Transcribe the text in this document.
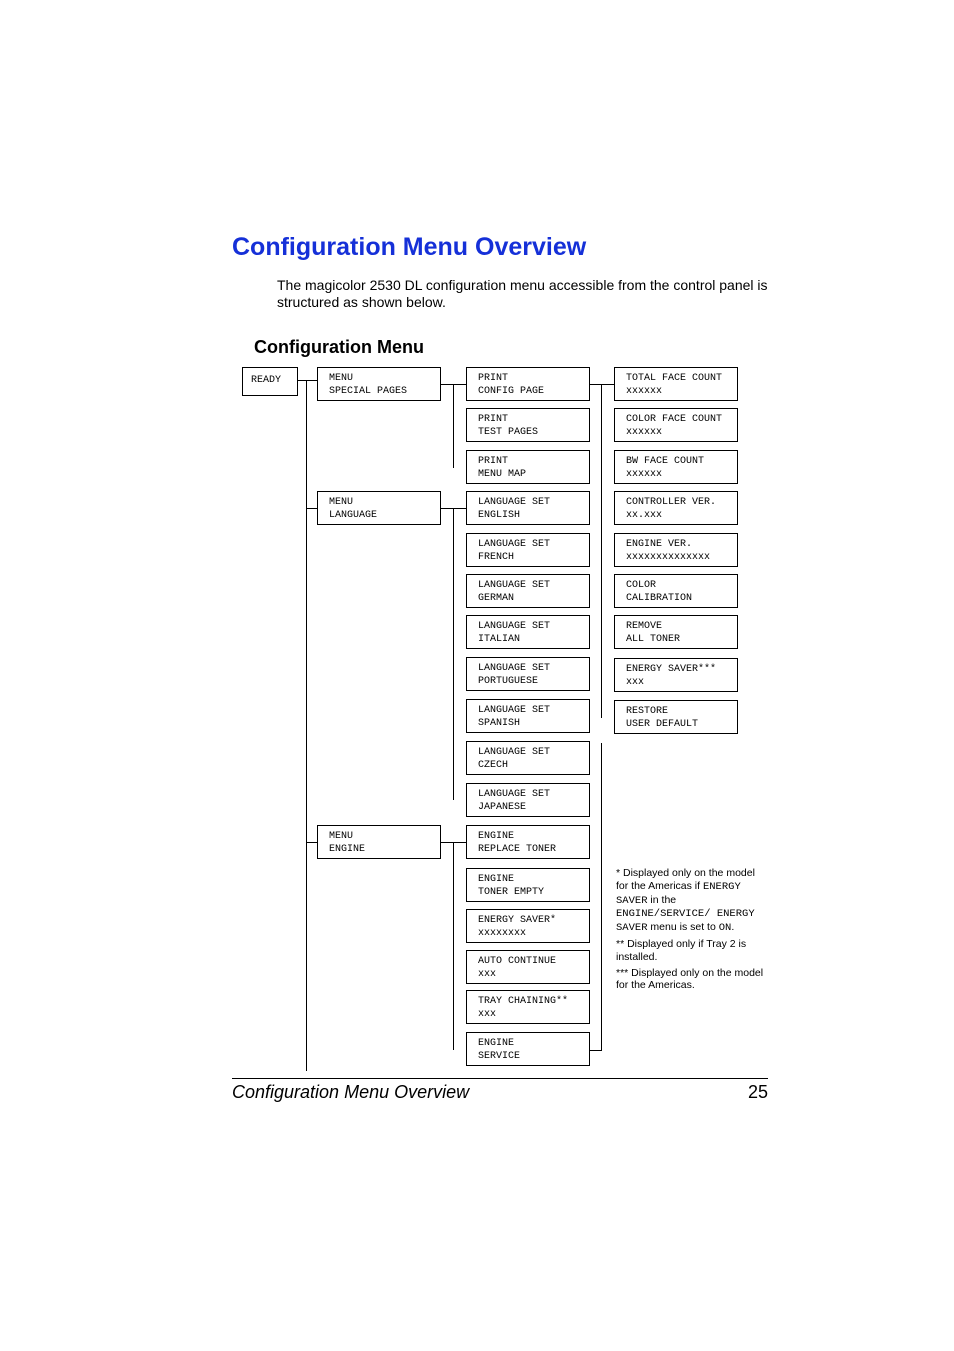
Configuration Menu Overview
The magicolor 2530 DL configuration menu accessible from the control panel is structured as shown below.
Configuration Menu
READY	MENU
SPECIAL PAGES
MENU
LANGUAGE
MENU
ENGINE
PRINT
CONFIG PAGE
PRINT
TEST PAGES
PRINT
MENU MAP
LANGUAGE SET
ENGLISH
LANGUAGE SET
FRENCH
LANGUAGE SET
GERMAN
LANGUAGE SET
ITALIAN
LANGUAGE SET
PORTUGUESE
LANGUAGE SET
SPANISH
LANGUAGE SET
CZECH
LANGUAGE SET
JAPANESE
ENGINE
REPLACE TONER
ENGINE
TONER EMPTY
ENERGY SAVER*
xxxxxxxx
AUTO CONTINUE
xxx
TRAY CHAINING**
xxx
ENGINE
SERVICE
TOTAL FACE COUNT
xxxxxx
COLOR FACE COUNT
xxxxxx
BW FACE COUNT
xxxxxx
CONTROLLER VER.
xx.xxx
ENGINE VER.
xxxxxxxxxxxxxx
COLOR
CALIBRATION
REMOVE
ALL TONER
ENERGY SAVER***
xxx
RESTORE
USER DEFAULT

* Displayed only on the model for the Americas if ENERGY SAVER in the ENGINE/SERVICE/ ENERGY SAVER menu is set to ON.

** Displayed only if Tray 2 is installed.

*** Displayed only on the model for the Americas.

Configuration Menu Overview	25
